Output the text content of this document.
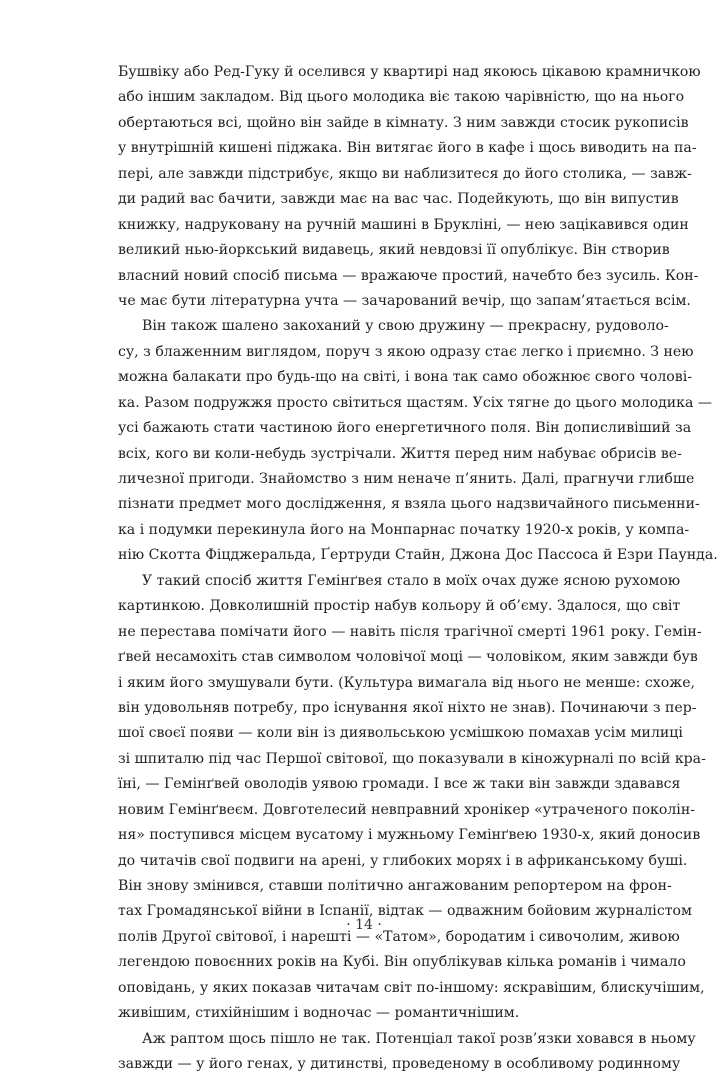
Бушвіку або Ред-Гуку й оселився у квартирі над якоюсь цікавою крамничкою
або іншим закладом. Від цього молодика віє такою чарівністю, що на нього
обертаються всі, щойно він зайде в кімнату. З ним завжди стосик рукописів
у внутрішній кишені піджака. Він витягає його в кафе і щось виводить на па-
пері, але завжди підстрибує, якщо ви наблизитеся до його столика, — завж-
ди радий вас бачити, завжди має на вас час. Подейкують, що він випустив
книжку, надруковану на ручній машині в Брукліні, — нею зацікавився один
великий нью-йоркський видавець, який невдовзі її опублікує. Він створив
власний новий спосіб письма — вражаюче простий, начебто без зусиль. Кон-
че має бути літературна учта — зачарований вечір, що запам’ятається всім.
Він також шалено закоханий у свою дружину — прекрасну, рудоволо-
су, з блаженним виглядом, поруч з якою одразу стає легко і приємно. З нею
можна балакати про будь-що на світі, і вона так само обожнює свого чолові-
ка. Разом подружжя просто світиться щастям. Усіх тягне до цього молодика —
усі бажають стати частиною його енергетичного поля. Він дописливіший за
всіх, кого ви коли-небудь зустрічали. Життя перед ним набуває обрисів ве-
личезної пригоди. Знайомство з ним неначе п’янить. Далі, прагнучи глибше
пізнати предмет мого дослідження, я взяла цього надзвичайного письменни-
ка і подумки перекинула його на Монпарнас початку 1920-х років, у компа-
нію Скотта Фіцджеральда, Ґертруди Стайн, Джона Дос Пассоса й Езри Паунда.
У такий спосіб життя Гемінґвея стало в моїх очах дуже ясною рухомою
картинкою. Довколишній простір набув кольору й об’єму. Здалося, що світ
не перестава помічати його — навіть після трагічної смерті 1961 року. Гемін-
ґвей несамохіть став символом чоловічої моці — чоловіком, яким завжди був
і яким його змушували бути. (Культура вимагала від нього не менше: схоже,
він удовольняв потребу, про існування якої ніхто не знав). Починаючи з пер-
шої своєї появи — коли він із диявольською усмішкою помахав усім милиці
зі шпиталю під час Першої світової, що показували в кіножурналі по всій кра-
їні, — Гемінґвей оволодів уявою громади. І все ж таки він завжди здавався
новим Гемінґвеєм. Довготелесий невправний хронікер «утраченого поколін-
ня» поступився місцем вусатому і мужньому Гемінґвею 1930-х, який доносив
до читачів свої подвиги на арені, у глибоких морях і в африканському буші.
Він знову змінився, ставши політично ангажованим репортером на фрон-
тах Громадянської війни в Іспанії, відтак — одважним бойовим журналістом
полів Другої світової, і нарешті — «Татом», бородатим і сивочолим, живою
легендою повоєнних років на Кубі. Він опублікував кілька романів і чимало
оповідань, у яких показав читачам світ по-іншому: яскравішим, блискучішим,
живішим, стихійнішим і водночас — романтичнішим.
Аж раптом щось пішло не так. Потенціал такої розв’язки ховався в ньому
завжди — у його генах, у дитинстві, проведеному в особливому родинному
· 14 ·
